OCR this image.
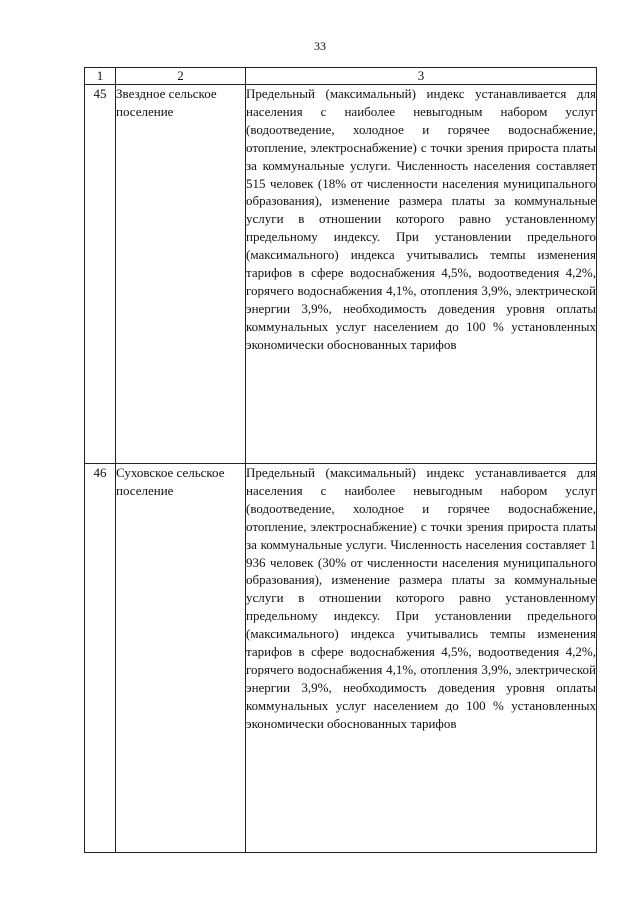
33
1	2	3
45	Звездное сельское поселение	Предельный (максимальный) индекс устанавливается для населения с наиболее невыгодным набором услуг (водоотведение, холодное и горячее водоснабжение, отопление, электроснабжение) с точки зрения прироста платы за коммунальные услуги. Численность населения составляет 515 человек (18% от численности населения муниципального образования), изменение размера платы за коммунальные услуги в отношении которого равно установленному предельному индексу. При установлении предельного (максимального) индекса учитывались темпы изменения тарифов в сфере водоснабжения 4,5%, водоотведения 4,2%, горячего водоснабжения 4,1%, отопления 3,9%, электрической энергии 3,9%, необходимость доведения уровня оплаты коммунальных услуг населением до 100 % установленных экономически обоснованных тарифов

46	Суховское сельское поселение	Предельный (максимальный) индекс устанавливается для населения с наиболее невыгодным набором услуг (водоотведение, холодное и горячее водоснабжение, отопление, электроснабжение) с точки зрения прироста платы за коммунальные услуги. Численность населения составляет 1 936 человек (30% от численности населения муниципального образования), изменение размера платы за коммунальные услуги в отношении которого равно установленному предельному индексу. При установлении предельного (максимального) индекса учитывались темпы изменения тарифов в сфере водоснабжения 4,5%, водоотведения 4,2%, горячего водоснабжения 4,1%, отопления 3,9%, электрической энергии 3,9%, необходимость доведения уровня оплаты коммунальных услуг населением до 100 % установленных экономически обоснованных тарифов
